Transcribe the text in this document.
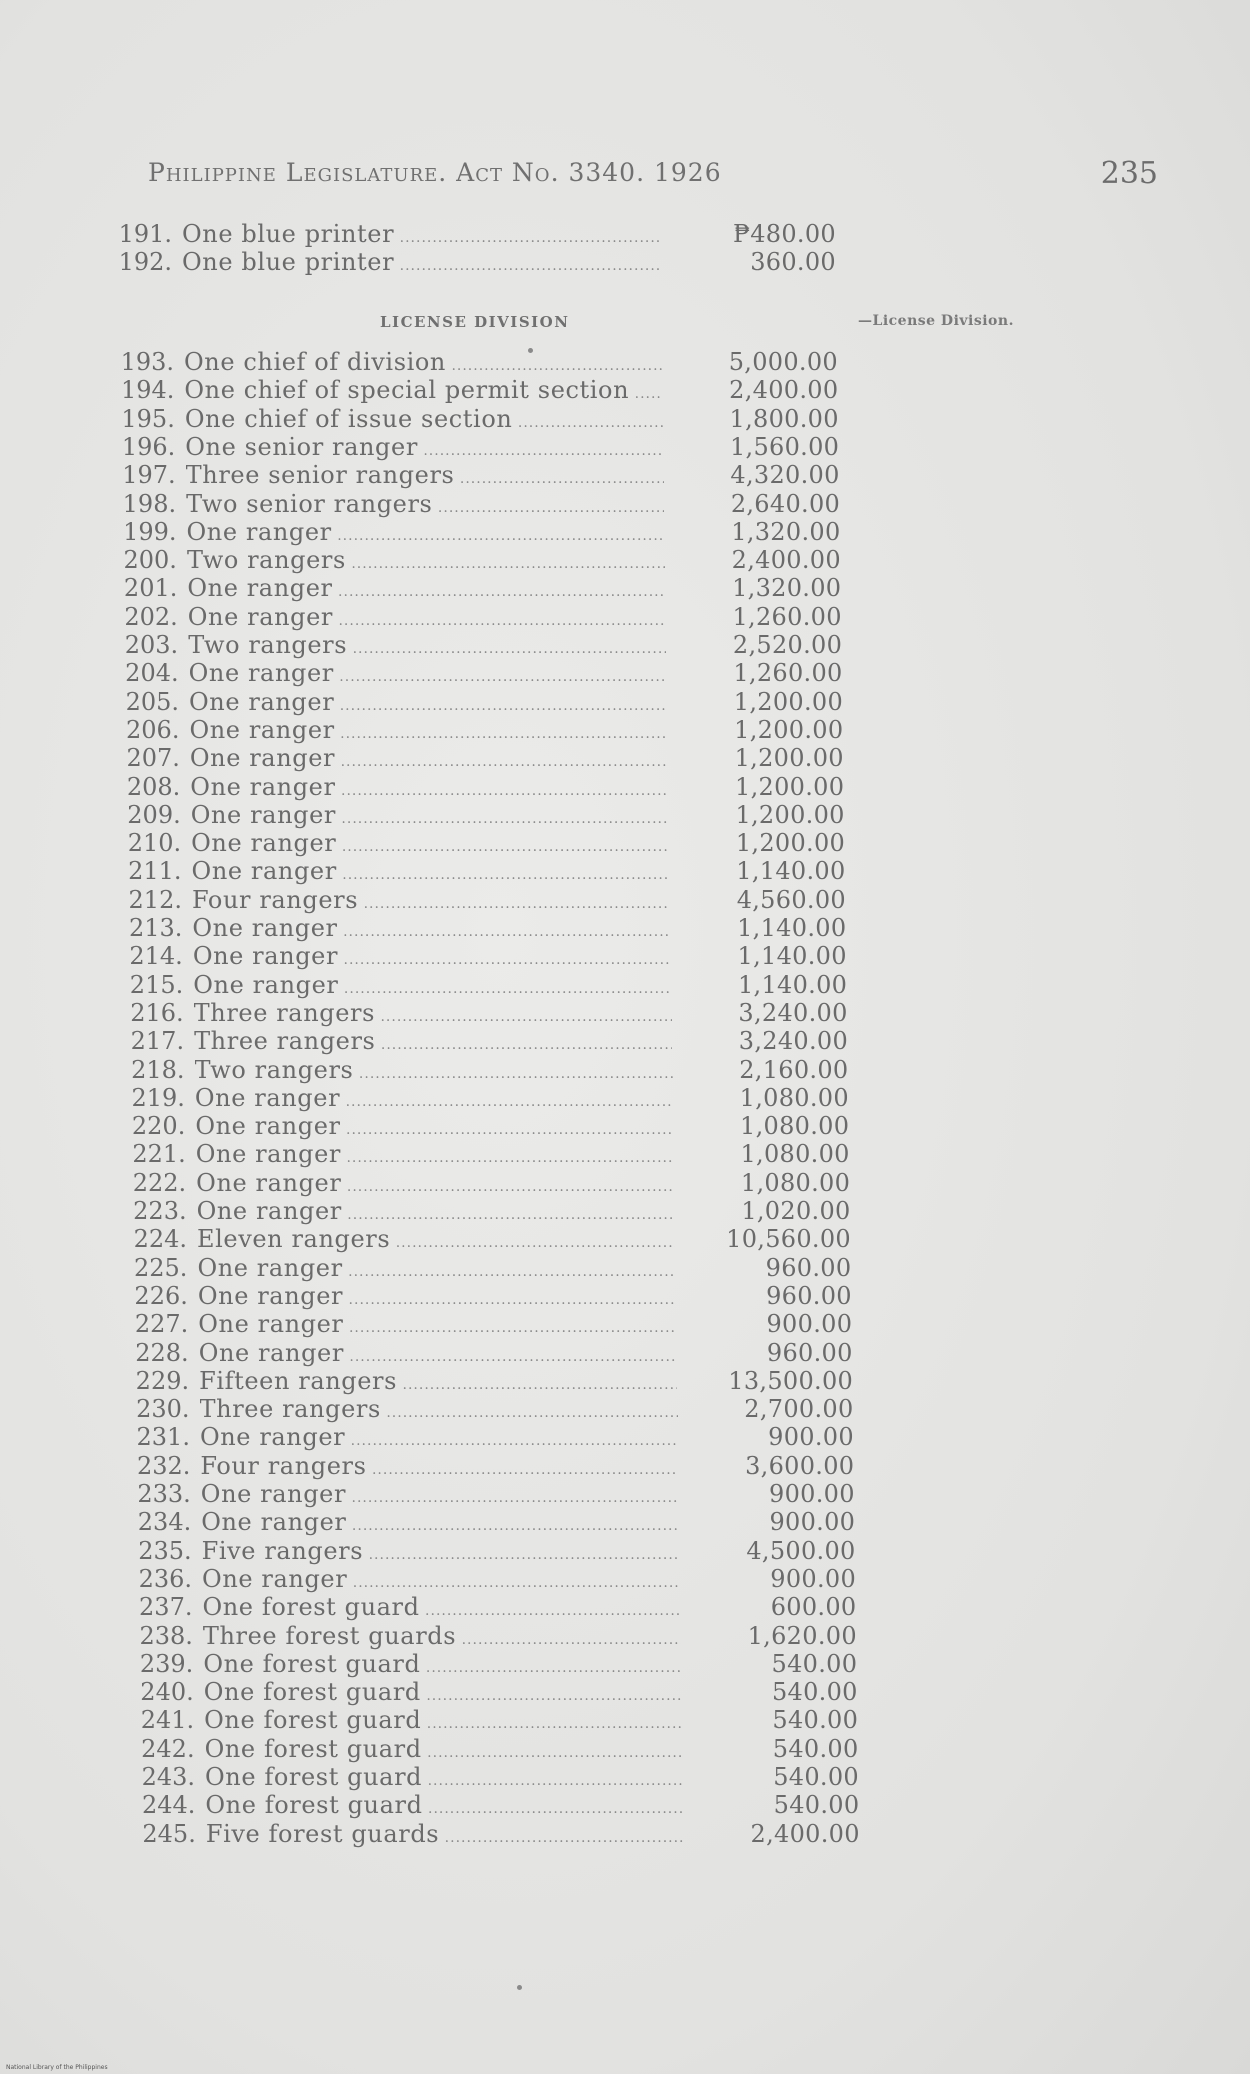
Philippine Legislature. Act No. 3340. 1926	235
LICENSE DIVISION	—License Division.
191. One blue printer .....	₱480.00
192. One blue printer .....	360.00
193. One chief of division .....	5,000.00
194. One chief of special permit section .....	2,400.00
195. One chief of issue section .....	1,800.00
196. One senior ranger .....	1,560.00
197. Three senior rangers .....	4,320.00
198. Two senior rangers .....	2,640.00
199. One ranger .....	1,320.00
200. Two rangers .....	2,400.00
201. One ranger .....	1,320.00
202. One ranger .....	1,260.00
203. Two rangers .....	2,520.00
204. One ranger .....	1,260.00
205. One ranger .....	1,200.00
206. One ranger .....	1,200.00
207. One ranger .....	1,200.00
208. One ranger .....	1,200.00
209. One ranger .....	1,200.00
210. One ranger .....	1,200.00
211. One ranger .....	1,140.00
212. Four rangers .....	4,560.00
213. One ranger .....	1,140.00
214. One ranger .....	1,140.00
215. One ranger .....	1,140.00
216. Three rangers .....	3,240.00
217. Three rangers .....	3,240.00
218. Two rangers .....	2,160.00
219. One ranger .....	1,080.00
220. One ranger .....	1,080.00
221. One ranger .....	1,080.00
222. One ranger .....	1,080.00
223. One ranger .....	1,020.00
224. Eleven rangers .....	10,560.00
225. One ranger .....	960.00
226. One ranger .....	960.00
227. One ranger .....	900.00
228. One ranger .....	960.00
229. Fifteen rangers .....	13,500.00
230. Three rangers .....	2,700.00
231. One ranger .....	900.00
232. Four rangers .....	3,600.00
233. One ranger .....	900.00
234. One ranger .....	900.00
235. Five rangers .....	4,500.00
236. One ranger .....	900.00
237. One forest guard .....	600.00
238. Three forest guards .....	1,620.00
239. One forest guard .....	540.00
240. One forest guard .....	540.00
241. One forest guard .....	540.00
242. One forest guard .....	540.00
243. One forest guard .....	540.00
244. One forest guard .....	540.00
245. Five forest guards .....	2,400.00
National Library of the Philippines
